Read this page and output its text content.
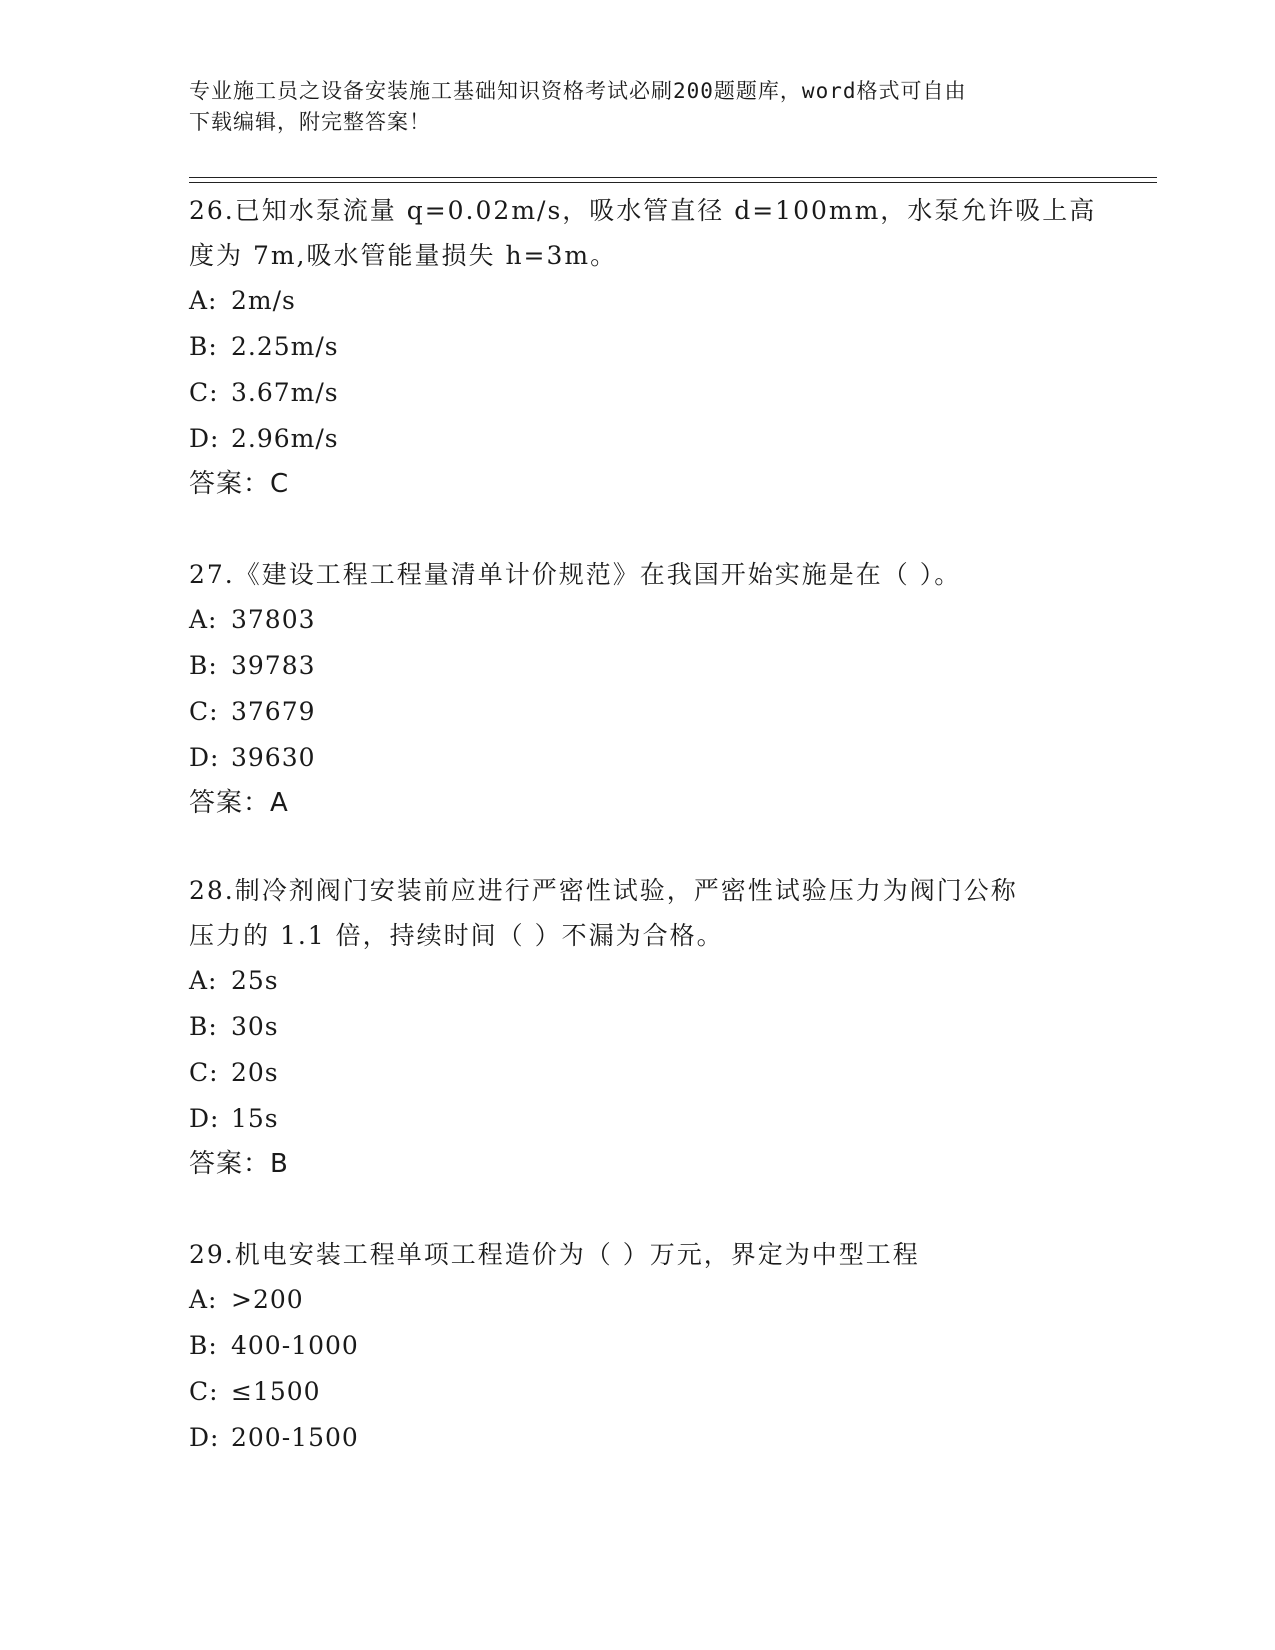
专业施工员之设备安装施工基础知识资格考试必刷200题题库，word格式可自由
下载编辑，附完整答案！

26.已知水泵流量 q=0.02m/s，吸水管直径 d=100mm，水泵允许吸上高

度为 7m,吸水管能量损失 h=3m。

A: 2m/s

B: 2.25m/s

C: 3.67m/s

D: 2.96m/s

答案：C

27.《建设工程工程量清单计价规范》在我国开始实施是在（ ）。

A: 37803

B: 39783

C: 37679

D: 39630

答案：A

28.制冷剂阀门安装前应进行严密性试验，严密性试验压力为阀门公称

压力的 1.1 倍，持续时间（ ）不漏为合格。

A: 25s

B: 30s

C: 20s

D: 15s

答案：B

29.机电安装工程单项工程造价为（ ）万元，界定为中型工程

A: >200

B: 400-1000

C: ≤1500

D: 200-1500
